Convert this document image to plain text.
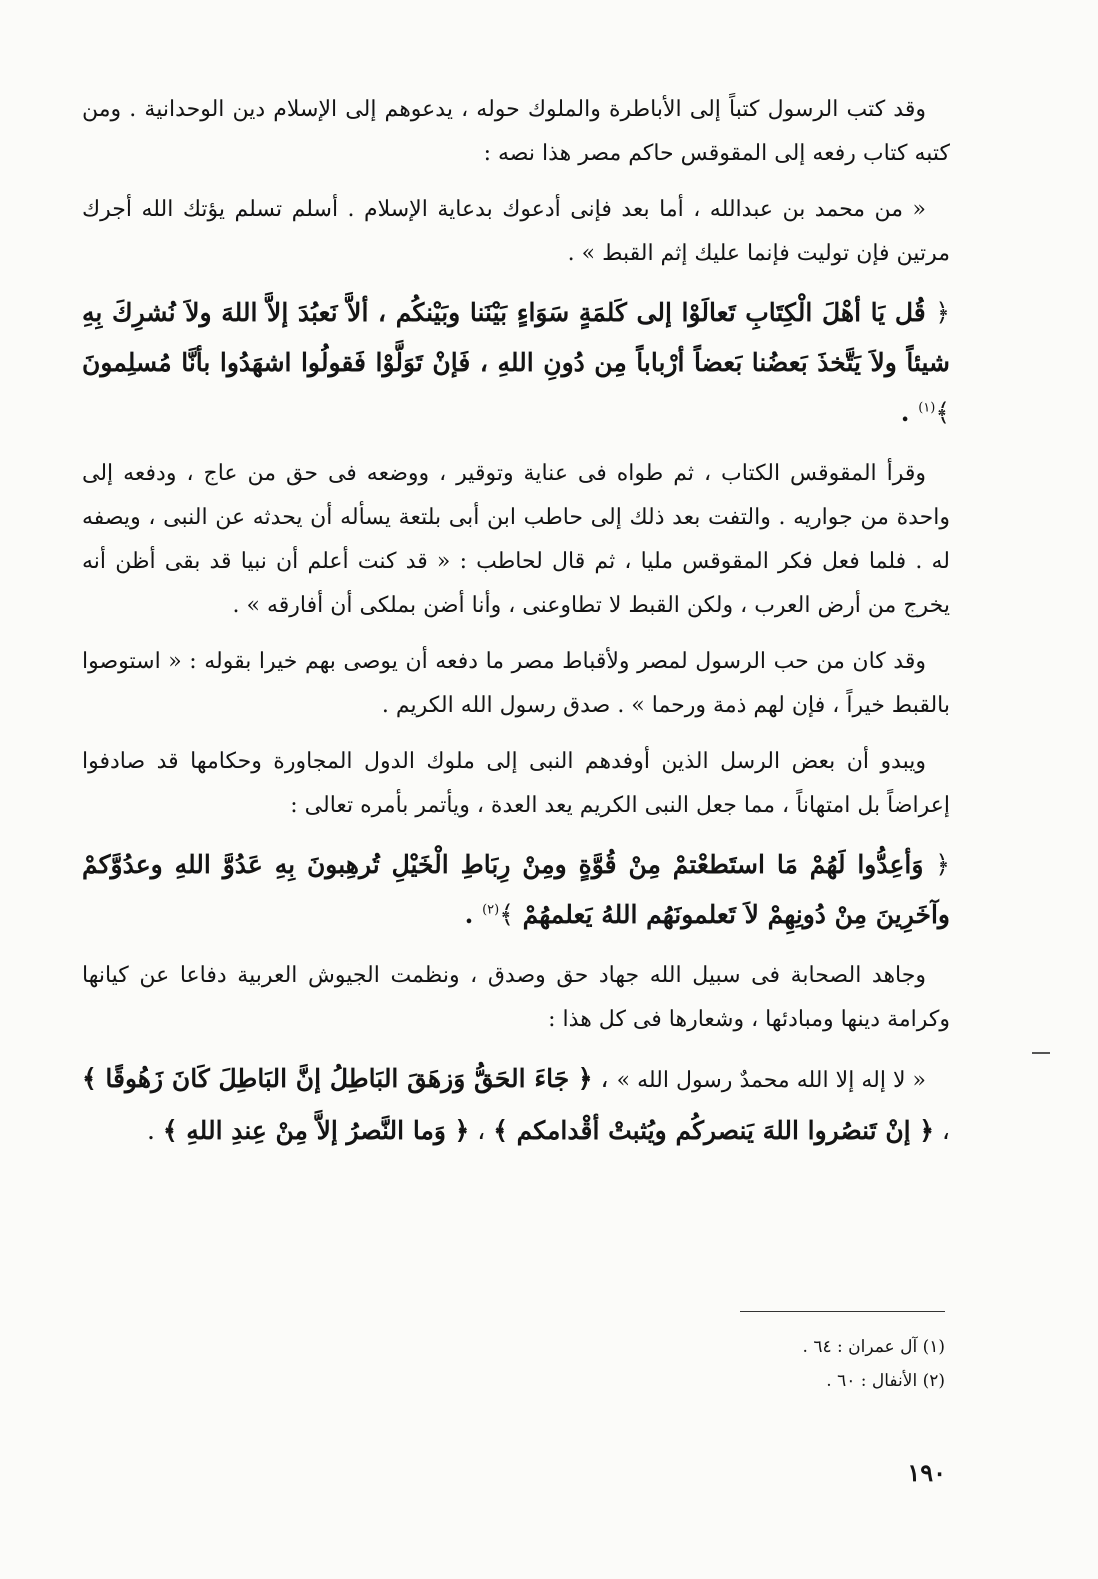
وقد كتب الرسول كتباً إلى الأباطرة والملوك حوله ، يدعوهم إلى الإسلام دين الوحدانية . ومن كتبه كتاب رفعه إلى المقوقس حاكم مصر هذا نصه :

« من محمد بن عبدالله ، أما بعد فإنى أدعوك بدعاية الإسلام . أسلم تسلم يؤتك الله أجرك مرتين فإن توليت فإنما عليك إثم القبط » .

﴿ قُل يَا أهْلَ الْكِتَابِ تَعالَوْا إلى كَلمَةٍ سَوَاءٍ بَيْنَنا وبَيْنكُم ، ألاَّ نَعبُدَ إلاَّ اللهَ ولاَ نُشرِكَ بِهِ شيئاً ولاَ يَتَّخذَ بَعضُنا بَعضاً أرْباباً مِن دُونِ اللهِ ، فَإنْ تَوَلَّوْا فَقولُوا اشهَدُوا بأنَّا مُسلِمونَ ﴾$^{(١)}$ .

وقرأ المقوقس الكتاب ، ثم طواه فى عناية وتوقير ، ووضعه فى حق من عاج ، ودفعه إلى واحدة من جواريه . والتفت بعد ذلك إلى حاطب ابن أبى بلتعة يسأله أن يحدثه عن النبى ، ويصفه له . فلما فعل فكر المقوقس مليا ، ثم قال لحاطب : « قد كنت أعلم أن نبيا قد بقى أظن أنه يخرج من أرض العرب ، ولكن القبط لا تطاوعنى ، وأنا أضن بملكى أن أفارقه » .

وقد كان من حب الرسول لمصر ولأقباط مصر ما دفعه أن يوصى بهم خيرا بقوله : « استوصوا بالقبط خيراً ، فإن لهم ذمة ورحما » . صدق رسول الله الكريم .

ويبدو أن بعض الرسل الذين أوفدهم النبى إلى ملوك الدول المجاورة وحكامها قد صادفوا إعراضاً بل امتهاناً ، مما جعل النبى الكريم يعد العدة ، ويأتمر بأمره تعالى :

﴿ وَأعِدُّوا لَهُمْ مَا استَطعْتمْ مِنْ قُوَّةٍ ومِنْ رِبَاطِ الْخَيْلِ تُرهِبونَ بِهِ عَدُوَّ اللهِ وعدُوَّكمْ وآخَرِينَ مِنْ دُونِهِمْ لاَ تَعلمونَهُم اللهُ يَعلمهُمْ ﴾$^{(٢)}$ .

وجاهد الصحابة فى سبيل الله جهاد حق وصدق ، ونظمت الجيوش العربية دفاعا عن كيانها وكرامة دينها ومبادئها ، وشعارها فى كل هذا :

« لا إله إلا الله محمدٌ رسول الله » ، ﴿ جَاءَ الحَقُّ وَزهَقَ البَاطِلُ إنَّ البَاطِلَ كَانَ زَهُوقًا ﴾ ، ﴿ إنْ تَنصُروا اللهَ يَنصركُم ويُثبتْ أقْدامكم ﴾ ، ﴿ وَما النَّصرُ إلاَّ مِنْ عِندِ اللهِ ﴾ .

(١) آل عمران : ٦٤ .
(٢) الأنفال : ٦٠ .
١٩٠
